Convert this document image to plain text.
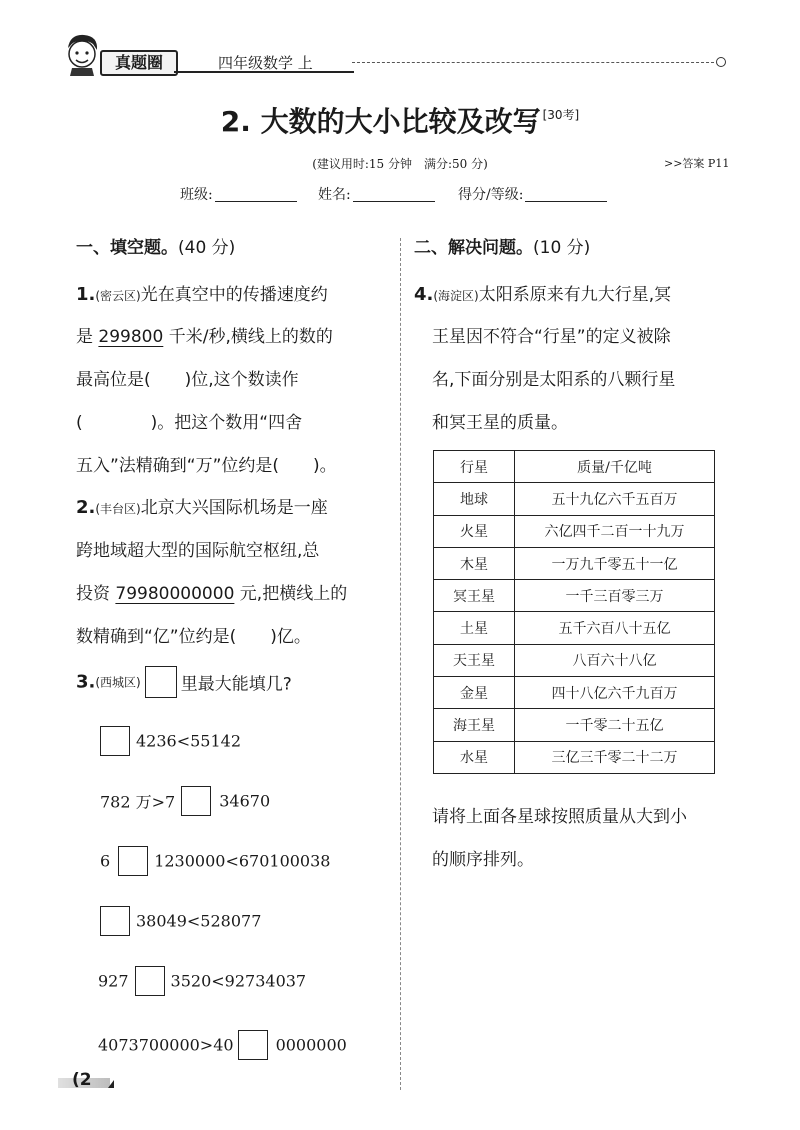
真题圈	四年级数学 上
2. 大数的大小比较及改写 [30考]
(建议用时:15 分钟　满分:50 分)	>>答案 P11
班级:	姓名:	得分/等级:
一、填空题。(40 分)
1.(密云区)光在真空中的传播速度约
是 299800 千米/秒,横线上的数的
最高位是(　　)位,这个数读作
(　　　　)。把这个数用“四舍
五入”法精确到“万”位约是(　　)。
2.(丰台区)北京大兴国际机场是一座
跨地域超大型的国际航空枢纽,总
投资 79980000000 元,把横线上的
数精确到“亿”位约是(　　)亿。
3.(西城区) 里最大能填几?
4236<55142
782 万>7	34670
6	1230000<670100038
38049<528077
927	3520<92734037
4073700000>40	0000000
二、解决问题。(10 分)
4.(海淀区)太阳系原来有九大行星,冥
王星因不符合“行星”的定义被除
名,下面分别是太阳系的八颗行星
和冥王星的质量。
行星	质量/千亿吨
地球	五十九亿六千五百万
火星	六亿四千二百一十九万
木星	一万九千零五十一亿
冥王星	一千三百零三万
土星	五千六百八十五亿
天王星	八百六十八亿
金星	四十八亿六千九百万
海王星	一千零二十五亿
水星	三亿三千零二十二万
请将上面各星球按照质量从大到小
的顺序排列。
(2
